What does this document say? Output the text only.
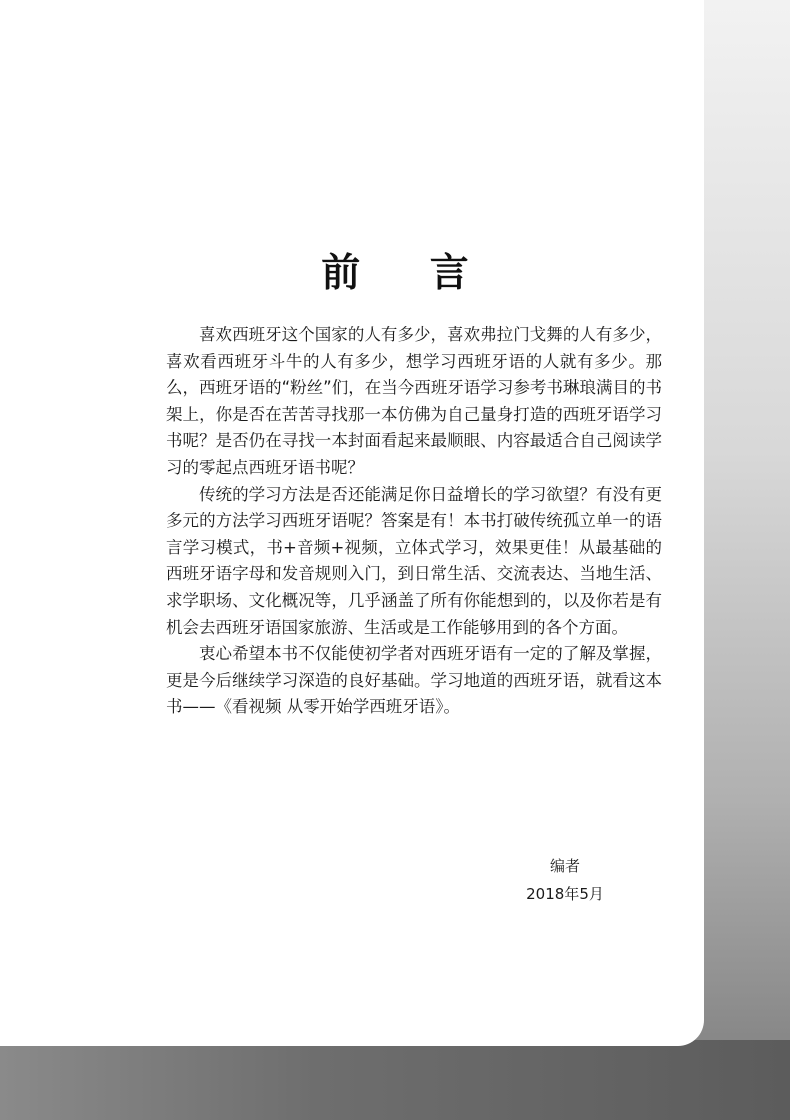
前 言

喜欢西班牙这个国家的人有多少，喜欢弗拉门戈舞的人有多少，喜欢看西班牙斗牛的人有多少，想学习西班牙语的人就有多少。那么，西班牙语的“粉丝”们，在当今西班牙语学习参考书琳琅满目的书架上，你是否在苦苦寻找那一本仿佛为自己量身打造的西班牙语学习书呢？是否仍在寻找一本封面看起来最顺眼、内容最适合自己阅读学习的零起点西班牙语书呢？

传统的学习方法是否还能满足你日益增长的学习欲望？有没有更多元的方法学习西班牙语呢？答案是有！本书打破传统孤立单一的语言学习模式，书+音频+视频，立体式学习，效果更佳！从最基础的西班牙语字母和发音规则入门，到日常生活、交流表达、当地生活、求学职场、文化概况等，几乎涵盖了所有你能想到的，以及你若是有机会去西班牙语国家旅游、生活或是工作能够用到的各个方面。

衷心希望本书不仅能使初学者对西班牙语有一定的了解及掌握，更是今后继续学习深造的良好基础。学习地道的西班牙语，就看这本书——《看视频 从零开始学西班牙语》。

编者
2018年5月
